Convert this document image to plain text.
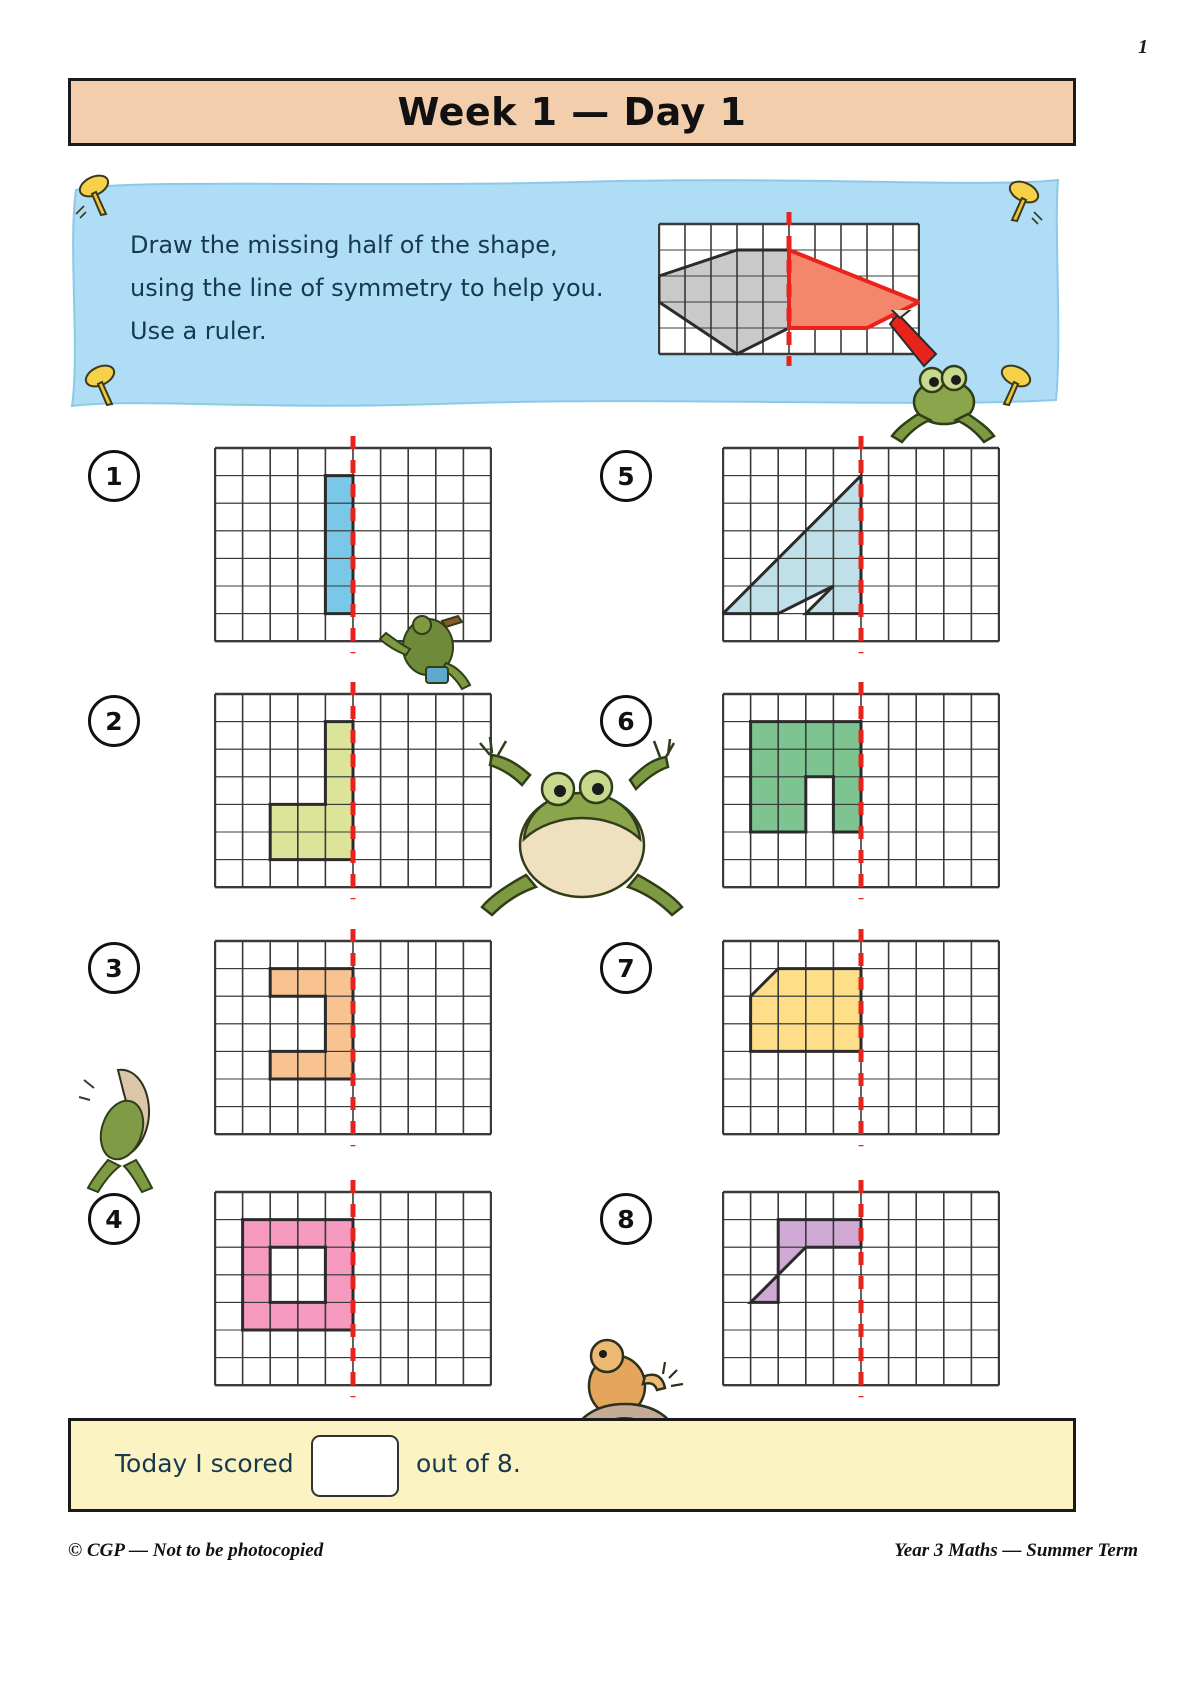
1
Week 1 — Day 1
Draw the missing half of the shape,
using the line of symmetry to help you.
Use a ruler.
1
2
3
4
5
6
7
8
Today I scored	out of 8.
© CGP — Not to be photocopied	Year 3 Maths — Summer Term
